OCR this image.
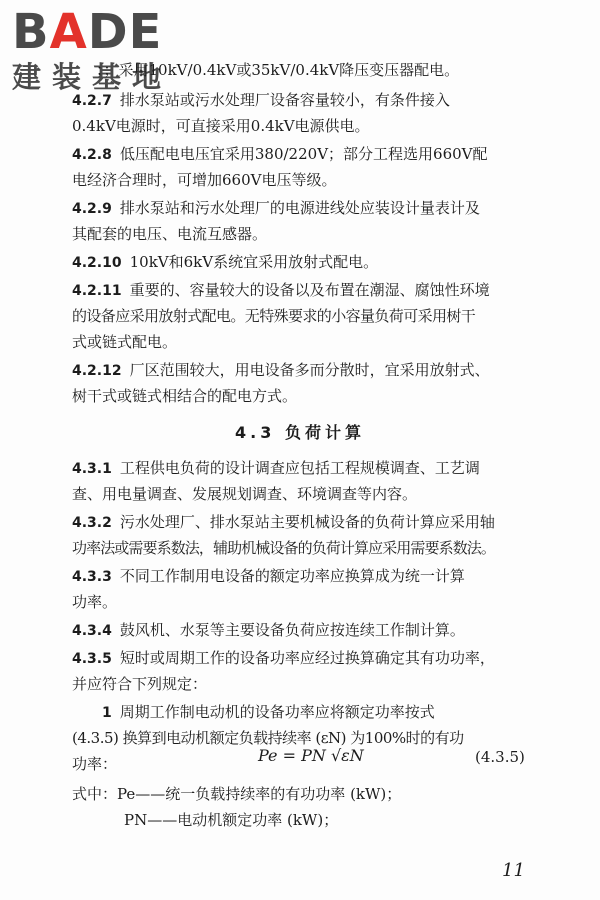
BADE
建装基地
；；采用10kV/0.4kV或35kV/0.4kV降压变压器配电。
4.2.7 排水泵站或污水处理厂设备容量较小，有条件接入
0.4kV电源时，可直接采用0.4kV电源供电。
4.2.8 低压配电电压宜采用380/220V；部分工程选用660V配
电经济合理时，可增加660V电压等级。
4.2.9 排水泵站和污水处理厂的电源进线处应装设计量表计及
其配套的电压、电流互感器。
4.2.10 10kV和6kV系统宜采用放射式配电。
4.2.11 重要的、容量较大的设备以及布置在潮湿、腐蚀性环境
的设备应采用放射式配电。无特殊要求的小容量负荷可采用树干
式或链式配电。
4.2.12 厂区范围较大，用电设备多而分散时，宜采用放射式、
树干式或链式相结合的配电方式。
4.3 负荷计算
4.3.1 工程供电负荷的设计调查应包括工程规模调查、工艺调
查、用电量调查、发展规划调查、环境调查等内容。
4.3.2 污水处理厂、排水泵站主要机械设备的负荷计算应采用轴
功率法或需要系数法，辅助机械设备的负荷计算应采用需要系数法。
4.3.3 不同工作制用电设备的额定功率应换算成为统一计算
功率。
4.3.4 鼓风机、水泵等主要设备负荷应按连续工作制计算。
4.3.5 短时或周期工作的设备功率应经过换算确定其有功功率，
并应符合下列规定：
1 周期工作制电动机的设备功率应将额定功率按式
(4.3.5) 换算到电动机额定负载持续率 (εN) 为100%时的有功
功率：	Pe = PN √εN	(4.3.5)
式中：Pe——统一负载持续率的有功功率 (kW)；
PN——电动机额定功率 (kW)；
11
